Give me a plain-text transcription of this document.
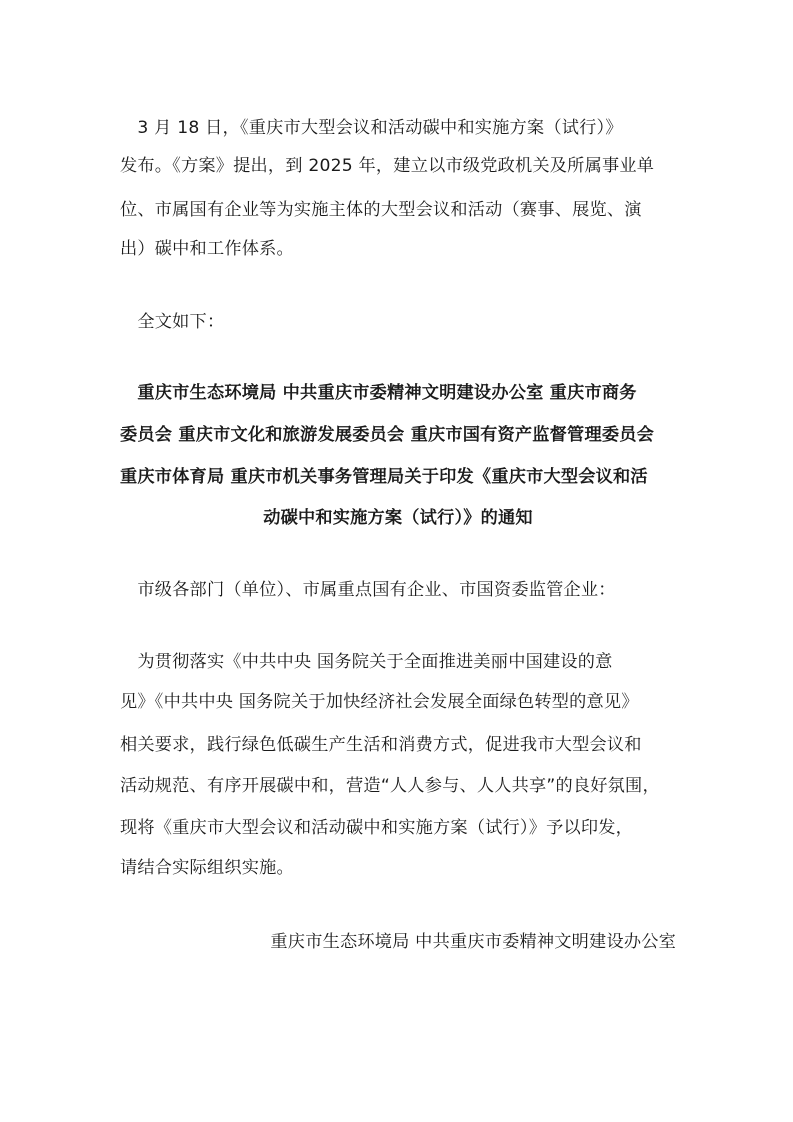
　3 月 18 日，《重庆市大型会议和活动碳中和实施方案（试行）》
发布。《方案》提出，到 2025 年，建立以市级党政机关及所属事业单
位、市属国有企业等为实施主体的大型会议和活动（赛事、展览、演
出）碳中和工作体系。
　全文如下：
　重庆市生态环境局 中共重庆市委精神文明建设办公室 重庆市商务
委员会 重庆市文化和旅游发展委员会 重庆市国有资产监督管理委员会
重庆市体育局 重庆市机关事务管理局关于印发《重庆市大型会议和活
动碳中和实施方案（试行）》的通知
　市级各部门（单位）、市属重点国有企业、市国资委监管企业：
　为贯彻落实《中共中央 国务院关于全面推进美丽中国建设的意
见》《中共中央 国务院关于加快经济社会发展全面绿色转型的意见》
相关要求，践行绿色低碳生产生活和消费方式，促进我市大型会议和
活动规范、有序开展碳中和，营造“人人参与、人人共享”的良好氛围，
现将《重庆市大型会议和活动碳中和实施方案（试行）》予以印发，
请结合实际组织实施。
重庆市生态环境局 中共重庆市委精神文明建设办公室
